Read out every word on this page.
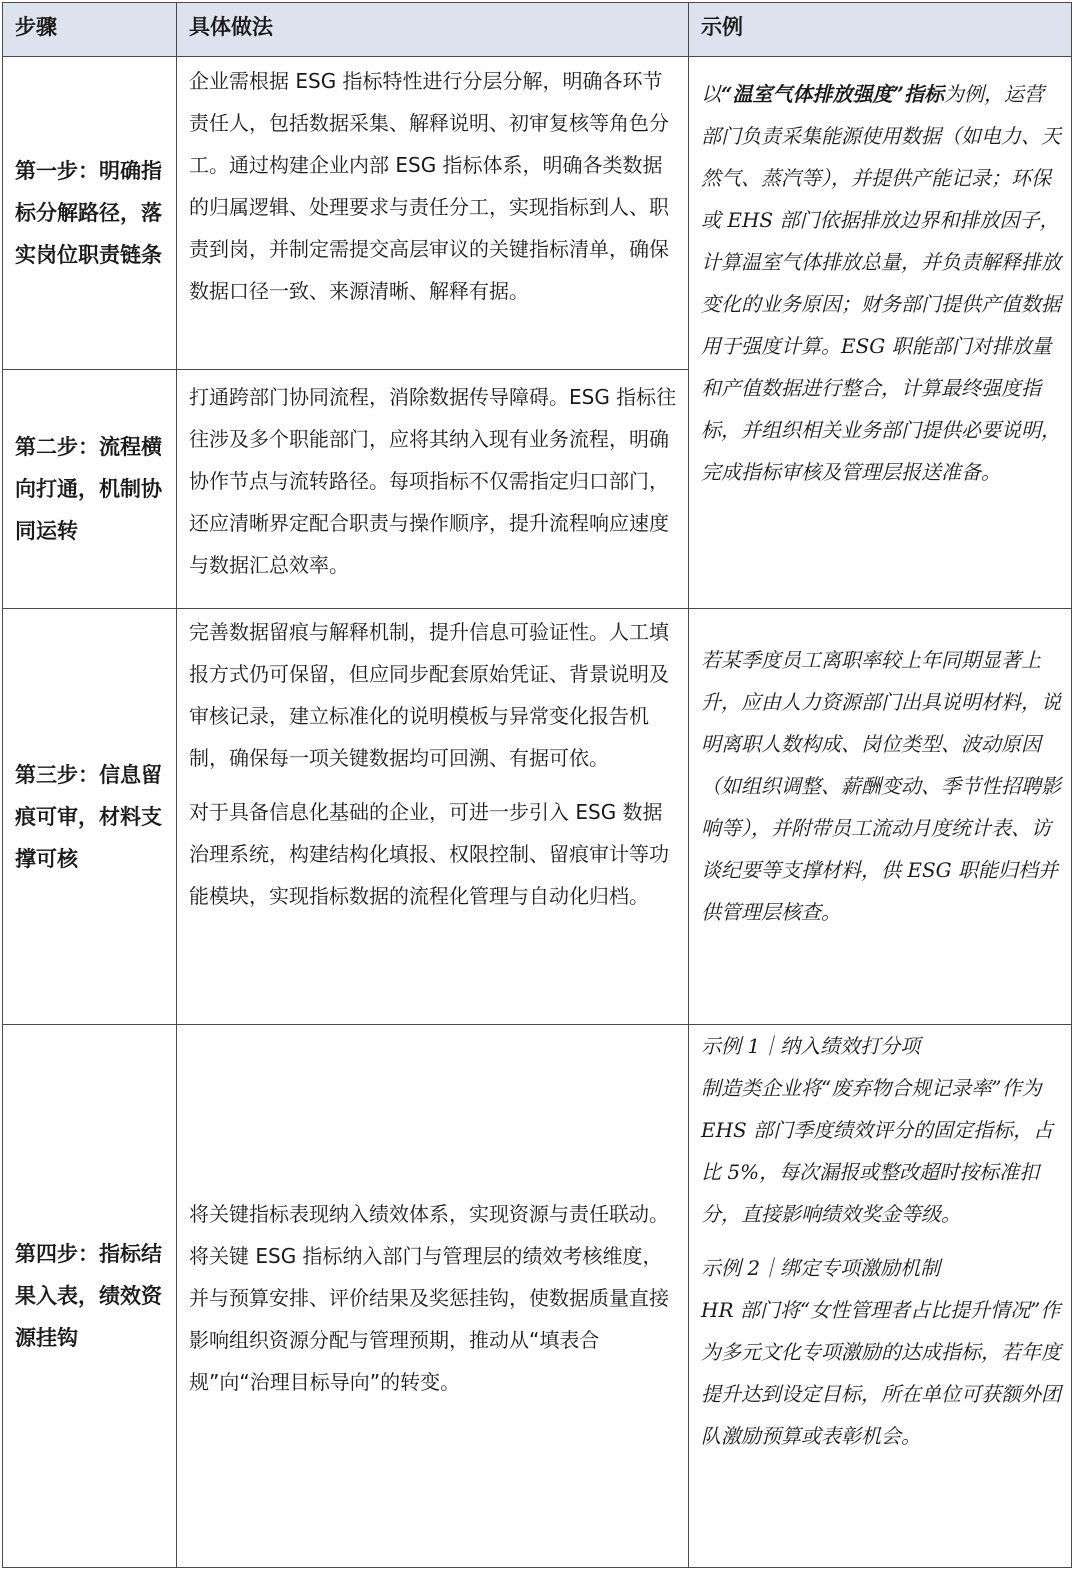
步骤	具体做法	示例
第一步：明确指标分解路径，落实岗位职责链条

企业需根据 ESG 指标特性进行分层分解，明确各环节责任人，包括数据采集、解释说明、初审复核等角色分工。通过构建企业内部 ESG 指标体系，明确各类数据的归属逻辑、处理要求与责任分工，实现指标到人、职责到岗，并制定需提交高层审议的关键指标清单，确保数据口径一致、来源清晰、解释有据。

第二步：流程横向打通，机制协同运转

打通跨部门协同流程，消除数据传导障碍。ESG 指标往往涉及多个职能部门，应将其纳入现有业务流程，明确协作节点与流转路径。每项指标不仅需指定归口部门，还应清晰界定配合职责与操作顺序，提升流程响应速度与数据汇总效率。

以“温室气体排放强度”指标为例，运营部门负责采集能源使用数据（如电力、天然气、蒸汽等），并提供产能记录；环保或 EHS 部门依据排放边界和排放因子，计算温室气体排放总量，并负责解释排放变化的业务原因；财务部门提供产值数据用于强度计算。ESG 职能部门对排放量和产值数据进行整合，计算最终强度指标，并组织相关业务部门提供必要说明，完成指标审核及管理层报送准备。

第三步：信息留痕可审，材料支撑可核

完善数据留痕与解释机制，提升信息可验证性。人工填报方式仍可保留，但应同步配套原始凭证、背景说明及审核记录，建立标准化的说明模板与异常变化报告机制，确保每一项关键数据均可回溯、有据可依。

对于具备信息化基础的企业，可进一步引入 ESG 数据治理系统，构建结构化填报、权限控制、留痕审计等功能模块，实现指标数据的流程化管理与自动化归档。

若某季度员工离职率较上年同期显著上升，应由人力资源部门出具说明材料，说明离职人数构成、岗位类型、波动原因（如组织调整、薪酬变动、季节性招聘影响等），并附带员工流动月度统计表、访谈纪要等支撑材料，供 ESG 职能归档并供管理层核查。

第四步：指标结果入表，绩效资源挂钩

将关键指标表现纳入绩效体系，实现资源与责任联动。将关键 ESG 指标纳入部门与管理层的绩效考核维度，并与预算安排、评价结果及奖惩挂钩，使数据质量直接影响组织资源分配与管理预期，推动从“填表合规”向“治理目标导向”的转变。

示例 1｜纳入绩效打分项

制造类企业将“废弃物合规记录率”作为 EHS 部门季度绩效评分的固定指标，占比 5%，每次漏报或整改超时按标准扣分，直接影响绩效奖金等级。

示例 2｜绑定专项激励机制

HR 部门将“女性管理者占比提升情况”作为多元文化专项激励的达成指标，若年度提升达到设定目标，所在单位可获额外团队激励预算或表彰机会。
